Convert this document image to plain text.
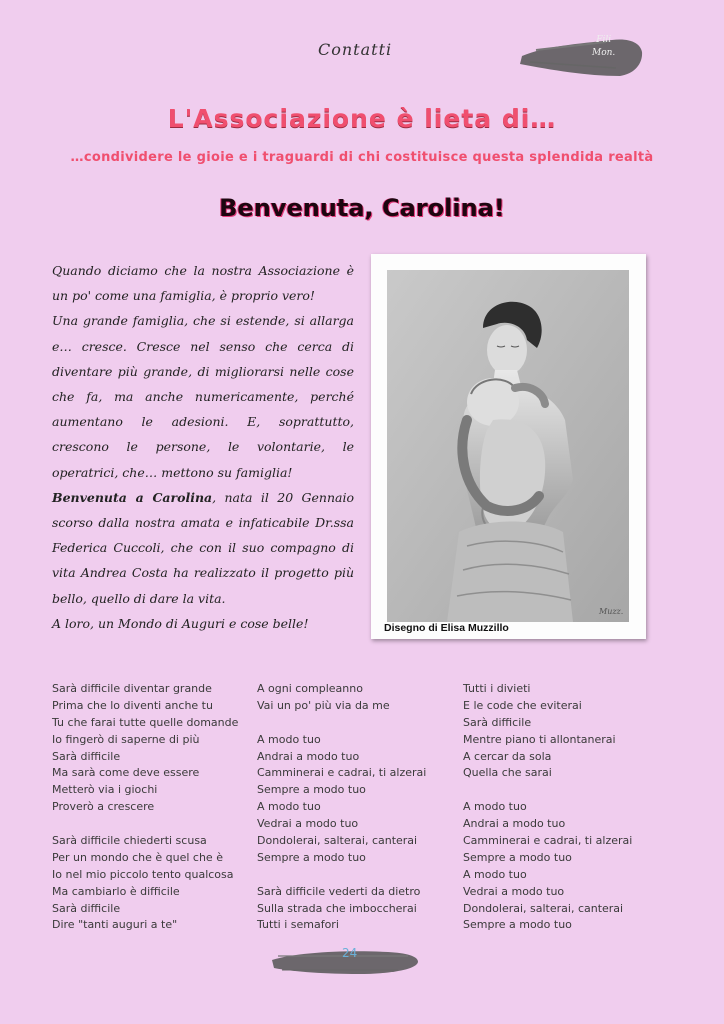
Contatti	Fili
Mon.
L'Associazione è lieta di…
…condividere le gioie e i traguardi di chi costituisce questa splendida realtà
Benvenuta, Carolina!

Quando diciamo che la nostra Associazione è un po' come una famiglia, è proprio vero!

Una grande famiglia, che si estende, si allarga e… cresce. Cresce nel senso che cerca di diventare più grande, di migliorarsi nelle cose che fa, ma anche numericamente, perché aumentano le adesioni. E, soprattutto, crescono le persone, le volontarie, le operatrici, che… mettono su famiglia!

Benvenuta a Carolina, nata il 20 Gennaio scorso dalla nostra amata e infaticabile Dr.ssa Federica Cuccoli, che con il suo compagno di vita Andrea Costa ha realizzato il progetto più bello, quello di dare la vita.

A loro, un Mondo di Auguri e cose belle!

Muzz.
Disegno di Elisa Muzzillo
Sarà difficile diventar grande
Prima che lo diventi anche tu
Tu che farai tutte quelle domande
Io fingerò di saperne di più
Sarà difficile
Ma sarà come deve essere
Metterò via i giochi
Proverò a crescere
Sarà difficile chiederti scusa
Per un mondo che è quel che è
Io nel mio piccolo tento qualcosa
Ma cambiarlo è difficile
Sarà difficile
Dire "tanti auguri a te"
A ogni compleanno
Vai un po' più via da me
A modo tuo
Andrai a modo tuo
Camminerai e cadrai, ti alzerai
Sempre a modo tuo
A modo tuo
Vedrai a modo tuo
Dondolerai, salterai, canterai
Sempre a modo tuo
Sarà difficile vederti da dietro
Sulla strada che imboccherai
Tutti i semafori
Tutti i divieti
E le code che eviterai
Sarà difficile
Mentre piano ti allontanerai
A cercar da sola
Quella che sarai
A modo tuo
Andrai a modo tuo
Camminerai e cadrai, ti alzerai
Sempre a modo tuo
A modo tuo
Vedrai a modo tuo
Dondolerai, salterai, canterai
Sempre a modo tuo
24
